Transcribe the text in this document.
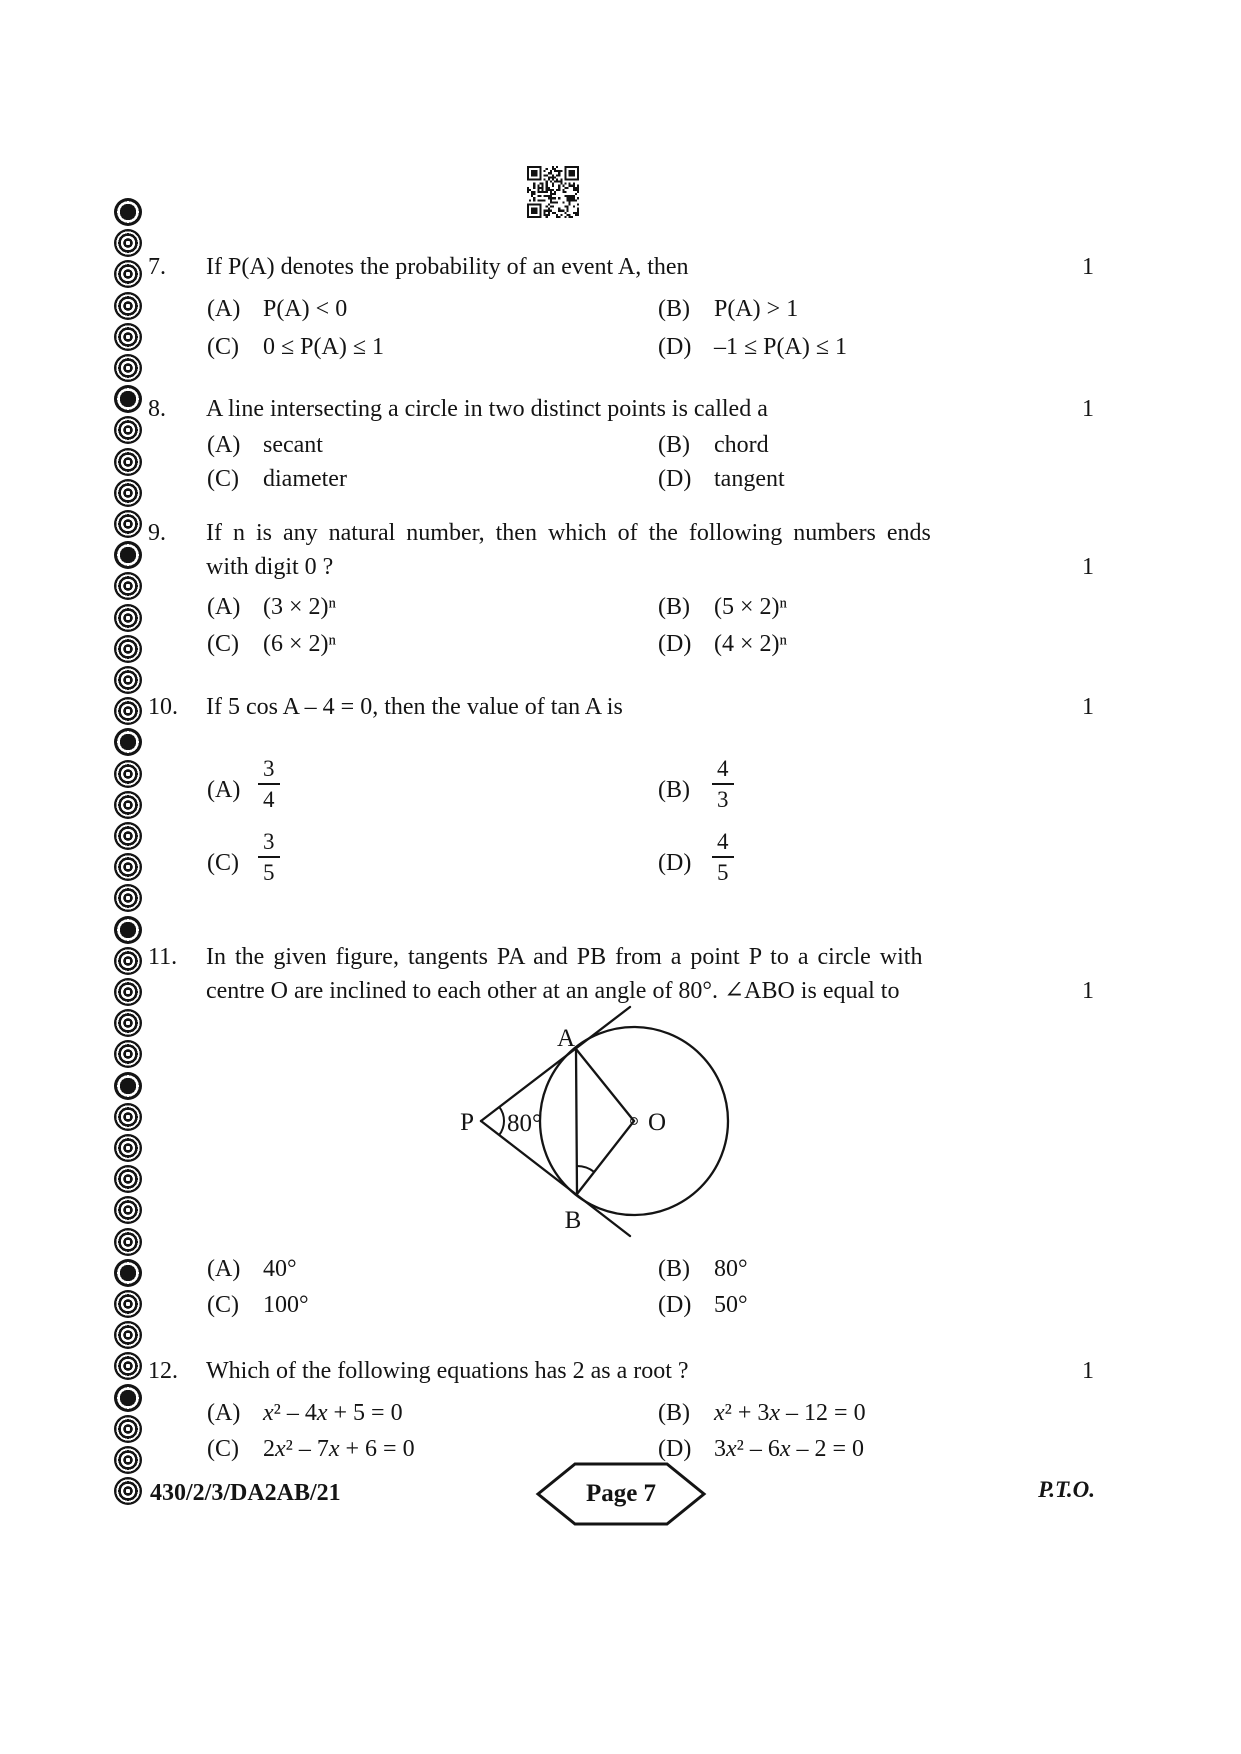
7.	If P(A) denotes the probability of an event A, then	1
(A) P(A) < 0	(B) P(A) > 1
(C) 0 ≤ P(A) ≤ 1	(D) –1 ≤ P(A) ≤ 1
8.	A line intersecting a circle in two distinct points is called a	1
(A) secant	(B) chord
(C) diameter	(D) tangent
9.	If n is any natural number, then which of the following numbers ends
with digit 0 ?	1
(A) (3 × 2)ⁿ	(B) (5 × 2)ⁿ
(C) (6 × 2)ⁿ	(D) (4 × 2)ⁿ
10.	If 5 cos A – 4 = 0, then the value of tan A is	1
$(A) \frac{3}{4}$	$(B) \frac{4}{3}$
$(C) \frac{3}{5}$	$(D) \frac{4}{5}$
11.	In the given figure, tangents PA and PB from a point P to a circle with
centre O are inclined to each other at an angle of 80°. ∠ABO is equal to	1
A
P	O
B
80°
(A) 40°	(B) 80°
(C) 100°	(D) 50°
12.	Which of the following equations has 2 as a root ?	1
(A) x² – 4x + 5 = 0	(B) x² + 3x – 12 = 0
(C) 2x² – 7x + 6 = 0	(D) 3x² – 6x – 2 = 0
430/2/3/DA2AB/21	Page 7	P.T.O.
